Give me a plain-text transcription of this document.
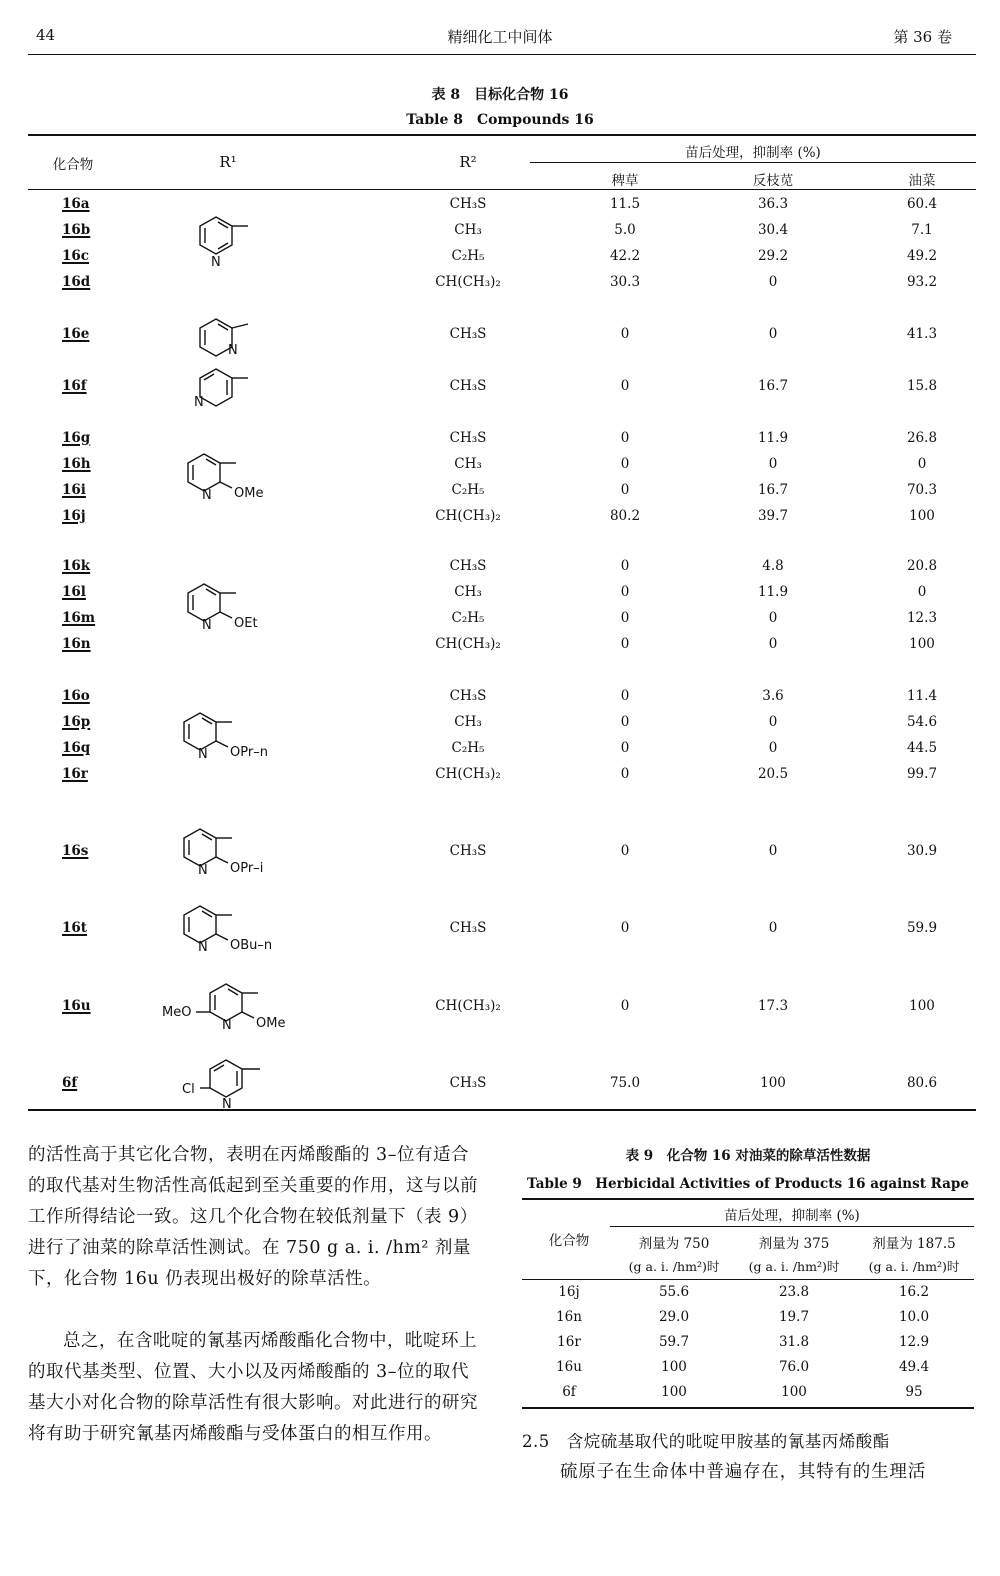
44	精细化工中间体	第 36 卷
表 8　目标化合物 16
Table 8　Compounds 16
化合物	R¹	R²	苗后处理，抑制率 (%)
稗草	反枝苋	油菜
16a	CH₃S	11.5	36.3	60.4
16b	CH₃	5.0	30.4	7.1
16c	C₂H₅	42.2	29.2	49.2
16d	CH(CH₃)₂	30.3	0	93.2
16e	CH₃S	0	0	41.3
16f	CH₃S	0	16.7	15.8
16g	CH₃S	0	11.9	26.8
16h	CH₃	0	0	0
16i	C₂H₅	0	16.7	70.3
16j	CH(CH₃)₂	80.2	39.7	100
16k	CH₃S	0	4.8	20.8
16l	CH₃	0	11.9	0
16m	C₂H₅	0	0	12.3
16n	CH(CH₃)₂	0	0	100
16o	CH₃S	0	3.6	11.4
16p	CH₃	0	0	54.6
16q	C₂H₅	0	0	44.5
16r	CH(CH₃)₂	0	20.5	99.7
16s	CH₃S	0	0	30.9
16t	CH₃S	0	0	59.9
16u	CH(CH₃)₂	0	17.3	100
6f	CH₃S	75.0	100	80.6
N
N
N
N OMe
N OEt
N OPr–n
N OPr–i
N OBu–n
N OMe
MeO
N
Cl

的活性高于其它化合物，表明在丙烯酸酯的 3–位有适合的取代基对生物活性高低起到至关重要的作用，这与以前工作所得结论一致。这几个化合物在较低剂量下（表 9）进行了油菜的除草活性测试。在 750 g a. i. /hm² 剂量下，化合物 16u 仍表现出极好的除草活性。

总之，在含吡啶的氰基丙烯酸酯化合物中，吡啶环上的取代基类型、位置、大小以及丙烯酸酯的 3–位的取代基大小对化合物的除草活性有很大影响。对此进行的研究将有助于研究氰基丙烯酸酯与受体蛋白的相互作用。

表 9　化合物 16 对油菜的除草活性数据
Table 9　Herbicidal Activities of Products 16 against Rape
化合物
苗后处理，抑制率 (%)
剂量为 750
(g a. i. /hm²)时
剂量为 375
(g a. i. /hm²)时
剂量为 187.5
(g a. i. /hm²)时
16j	55.6	23.8	16.2
16n	29.0	19.7	10.0
16r	59.7	31.8	12.9
16u	100	76.0	49.4
6f	100	100	95
2.5　含烷硫基取代的吡啶甲胺基的氰基丙烯酸酯
硫原子在生命体中普遍存在，其特有的生理活
